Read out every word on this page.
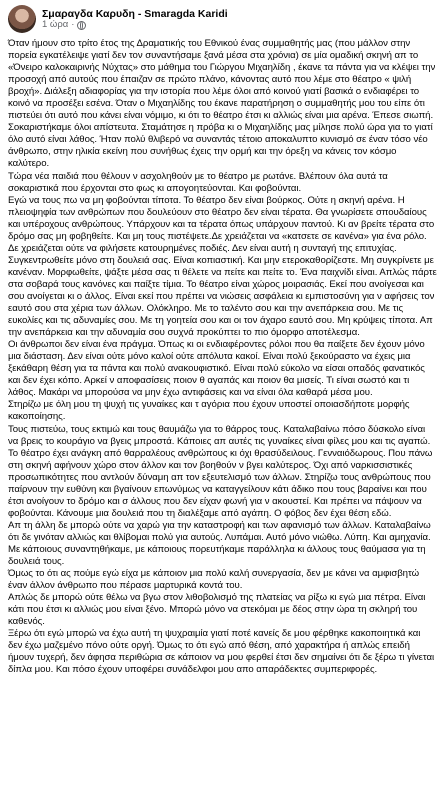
Σμαραγδα Καρυδη - Smaragda Karidi
1 ώρα ·

Όταν ήμουν στο τρίτο έτος της Δραματικής του Εθνικού ένας συμμαθητής μας (που μάλλον στην πορεία εγκατέλειψε γιατί δεν τον συναντήσαμε ξανά μέσα στα χρόνια) σε μία ομαδική σκηνή απ το «Όνειρο καλοκαιρινής Νύχτας» στο μάθημα του Γιώργου Μιχαηλίδη , έκανε τα πάντα για να κλέψει την προσοχή από αυτούς που έπαιζαν σε πρώτο πλάνο, κάνοντας αυτό που λέμε στο θέατρο « ψιλή βροχή». Διάλεξη αδιαφορίας για την ιστορία που λέμε όλοι από κοινού γιατί βασικά ο ενδιαφέρει το κοινό να προσέξει εσένα. Όταν ο Μιχαηλίδης του έκανε παρατήρηση ο συμμαθητής μου του είπε ότι πιστεύει ότι αυτό που κάνει είναι νόμιμο, κι ότι το θέατρο έτσι κι αλλιώς είναι μια αρένα. Έπεσε σιωπή. Σοκαριστήκαμε όλοι απίστευτα. Σταμάτησε η πρόβα κι ο Μιχαηλίδης μας μίλησε πολύ ώρα για το γιατί όλο αυτό είναι λάθος. Ήταν πολύ θλιβερό να συναντάς τέτοιο αποκαλυπτο κυνισμό σε έναν τόσο νέο άνθρωπο, στην ηλικία εκείνη που συνήθως έχεις την ορμή και την όρεξη να κάνεις τον κόσμο καλύτερο.

Τώρα νέα παιδιά που θέλουν ν ασχοληθούν με το θέατρο με ρωτάνε. Βλέπουν όλα αυτά τα σοκαριστικά που έρχονται στο φως κι απογοητεύονται. Και φοβούνται.

Εγώ να τους πω να μη φοβούνται τίποτα. Το θέατρο δεν είναι βούρκος. Ούτε η σκηνή αρένα. Η πλειοψηφία των ανθρώπων που δουλεύουν στο θέατρο δεν είναι τέρατα. Θα γνωρίσετε σπουδαίους και υπέροχους ανθρώπους. Υπάρχουν και τα τέρατα όπως υπάρχουν παντού. Κι αν βρείτε τέρατα στο δρόμο σας μη φοβηθείτε. Και μη τους πιστέψετε.Δε χρειάζεται να «κατσετε σε κανένα» για ένα ρόλο. Δε χρειάζεται ούτε να φιλήσετε κατουρημένες ποδιές. Δεν είναι αυτή η συνταγή της επιτυχίας. Συγκεντρωθείτε μόνο στη δουλειά σας. Είναι κοπιαστική. Και μην ετεροκαθορίζεστε. Μη συγκρίνετε με κανέναν. Μορφωθείτε, ψάξτε μέσα σας τι θέλετε να πείτε και πείτε το. Ένα παιχνίδι είναι. Απλώς πάρτε στα σοβαρά τους κανόνες και παίξτε τίμια. Το θέατρο είναι χώρος μοιρασιάς. Εκεί που ανοίγεσαι και σου ανοίγεται κι ο άλλος. Είναι εκεί που πρέπει να νιώσεις ασφάλεια κι εμπιστοσύνη για ν αφήσεις τον εαυτό σου στα χέρια των άλλων. Ολόκληρο. Με το ταλέντο σου και την ανεπάρκεια σου. Με τις ευκολίες και τις αδυναμίες σου. Με τη γοητεία σου και οι τον άχαρο εαυτό σου. Μη κρύψεις τίποτα. Απ την ανεπάρκεια και την αδυναμία σου συχνά προκύπτει το πιο όμορφο αποτέλεσμα.

Οι άνθρωποι δεν είναι ένα πράγμα. Όπως κι οι ενδιαφέροντες ρόλοι που θα παίξετε δεν έχουν μόνο μια διάσταση. Δεν είναι ούτε μόνο καλοί ούτε απόλυτα κακοί. Είναι πολύ ξεκούραστο να έχεις μια ξεκάθαρη θέση για τα πάντα και πολύ ανακουφιστικό. Είναι πολύ εύκολο να είσαι οπαδός φανατικός και δεν έχει κόπο. Αρκεί ν αποφασίσεις ποιον θ αγαπάς και ποιον θα μισείς. Τι είναι σωστό και τι λάθος. Μακάρι να μπορούσα να μην έχω αντιφάσεις και να είναι όλα καθαρά μέσα μου.

Στηρίζω με όλη μου τη ψυχή τις γυναίκες και τ αγόρια που έχουν υποστεί οποιασδήποτε μορφής κακοποίησης.

Τους πιστεύω, τους εκτιμώ και τους θαυμάζω για το θάρρος τους. Καταλαβαίνω πόσο δύσκολο είναι να βρεις το κουράγιο να βγεις μπροστά. Κάποιες απ αυτές τις γυναίκες είναι φίλες μου και τις αγαπώ. Το θέατρο έχει ανάγκη από θαρραλέους ανθρώπους κι όχι θρασύδειλους. Γενναιόδωρους. Που πάνω στη σκηνή αφήνουν χώρο στον άλλον και τον βοηθούν ν βγει καλύτερος. Όχι από ναρκισσιστικές προσωπικότητες που αντλούν δύναμη απ τον εξευτελισμό των άλλων. Στηρίζω τους ανθρώπους που παίρνουν την ευθύνη και βγαίνουν επωνύμως να καταγγείλουν κάτι άδικο που τους βαραίνει και που έτσι ανοίγουν το δρόμο και σ άλλους που δεν είχαν φωνή για ν ακουστεί. Και πρέπει να πάψουν να φοβούνται. Κάνουμε μια δουλειά που τη διαλέξαμε από αγάπη. Ο φόβος δεν έχει θέση εδώ.

Απ τη άλλη δε μπορώ ούτε να χαρώ για την καταστροφή και των αφανισμό των άλλων. Καταλαβαίνω ότι δε γινόταν αλλιώς και θλίβομαι πολύ για αυτούς. Λυπάμαι. Αυτό μόνο νιώθω. Λύπη. Και αμηχανία.

Με κάποιους συναντηθήκαμε, με κάποιους πορευτήκαμε παράλληλα κι άλλους τους θαύμασα για τη δουλειά τους.

Όμως το ότι ας πούμε εγώ είχα με κάποιον μια πολύ καλή συνεργασία, δεν με κάνει να αμφισβητώ έναν άλλον άνθρωπο που πέρασε μαρτυρικά κοντά του.

Απλώς δε μπορώ ούτε θέλω να βγω στον λιθοβολισμό της πλατείας να ρίξω κι εγώ μια πέτρα. Είναι κάτι που έτσι κι αλλιώς μου είναι ξένο. Μπορώ μόνο να στεκόμαι με δέος στην ώρα τη σκληρή του καθενός.

Ξέρω ότι εγώ μπορώ να έχω αυτή τη ψυχραιμία γιατί ποτέ κανείς δε μου φέρθηκε κακοποιητικά και δεν έχω μαζεμένο πόνο ούτε οργή. Όμως το ότι εγώ από θέση, από χαρακτήρα ή απλώς επειδή ήμουν τυχερή, δεν άφησα περιθώρια σε κάποιον να μου φερθεί έτσι δεν σημαίνει ότι δε ξέρω τι γίνεται δίπλα μου. Και πόσο έχουν υποφέρει συνάδελφοι μου απο απαράδεκτες συμπεριφορές.
